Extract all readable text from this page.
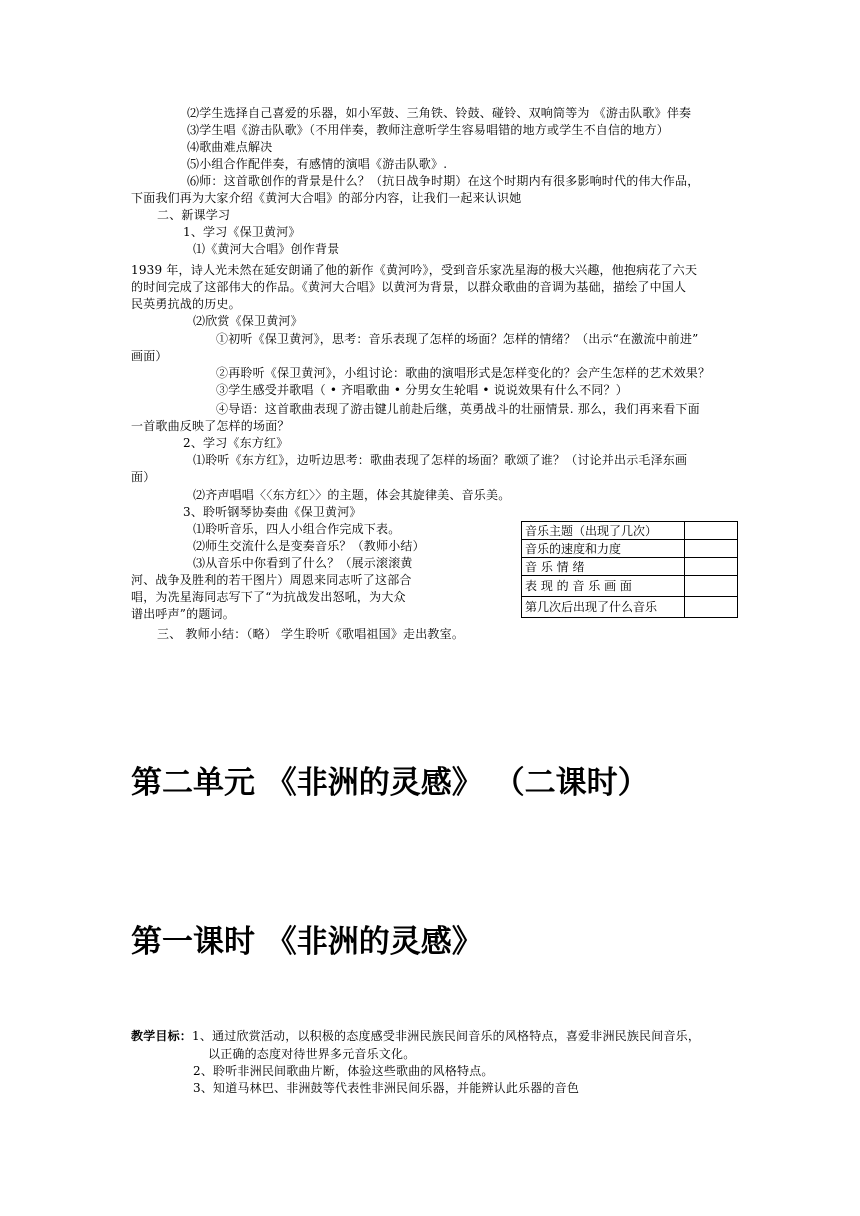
⑵学生选择自己喜爱的乐器，如小军鼓、三角铁、铃鼓、碰铃、双响筒等为 《游击队歌》伴奏
⑶学生唱《游击队歌》（不用伴奏，教师注意听学生容易唱错的地方或学生不自信的地方）
⑷歌曲难点解决
⑸小组合作配伴奏，有感情的演唱《游击队歌》.
⑹师：这首歌创作的背景是什么？（抗日战争时期）在这个时期内有很多影响时代的伟大作品，
下面我们再为大家介绍《黄河大合唱》的部分内容，让我们一起来认识她
二、新课学习
1、学习《保卫黄河》
⑴《黄河大合唱》创作背景
1939 年，诗人光未然在延安朗诵了他的新作《黄河吟》，受到音乐家冼星海的极大兴趣，他抱病花了六天
的时间完成了这部伟大的作品。《黄河大合唱》以黄河为背景，以群众歌曲的音调为基础，描绘了中国人
民英勇抗战的历史。
⑵欣赏《保卫黄河》
①初听《保卫黄河》，思考：音乐表现了怎样的场面？怎样的情绪？（出示“在激流中前进”
画面）
②再聆听《保卫黄河》，小组讨论：歌曲的演唱形式是怎样变化的？会产生怎样的艺术效果？
③学生感受并歌唱（ • 齐唱歌曲 • 分男女生轮唱 • 说说效果有什么不同？）
④导语：这首歌曲表现了游击键儿前赴后继，英勇战斗的壮丽情景. 那么，我们再来看下面
一首歌曲反映了怎样的场面？
2、学习《东方红》
⑴聆听《东方红》，边听边思考：歌曲表现了怎样的场面？歌颂了谁？（讨论并出示毛泽东画
面）
⑵齐声唱唱〈〈东方红〉〉的主题，体会其旋律美、音乐美。
3、聆听钢琴协奏曲《保卫黄河》
⑴聆听音乐，四人小组合作完成下表。
⑵师生交流什么是变奏音乐？（教师小结）
⑶从音乐中你看到了什么？（展示滚滚黄
河、战争及胜利的若干图片）周恩来同志听了这部合
唱，为冼星海同志写下了“为抗战发出怒吼，为大众
谱出呼声”的题词。
音乐主题（出现了几次）	
音乐的速度和力度	
音 乐 情 绪	
表 现 的 音 乐 画 面	
第几次后出现了什么音乐	
三、 教师小结：（略） 学生聆听《歌唱祖国》走出教室。
第二单元 《非洲的灵感》 （二课时）
第一课时 《非洲的灵感》
教学目标：1、通过欣赏活动，以积极的态度感受非洲民族民间音乐的风格特点，喜爱非洲民族民间音乐，
以正确的态度对待世界多元音乐文化。
2、聆听非洲民间歌曲片断，体验这些歌曲的风格特点。
3、知道马林巴、非洲鼓等代表性非洲民间乐器，并能辨认此乐器的音色
